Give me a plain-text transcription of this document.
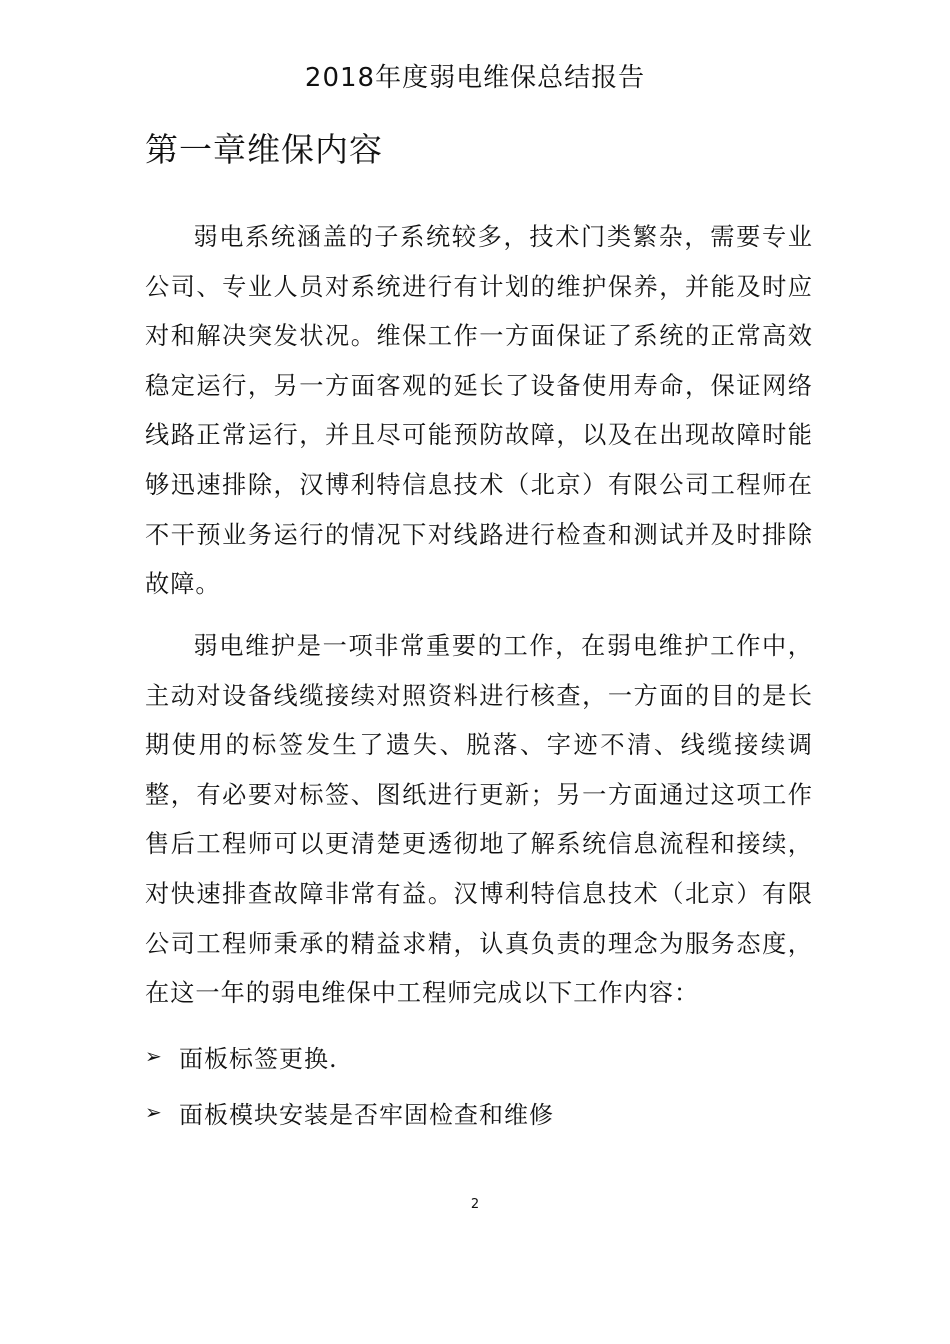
2018年度弱电维保总结报告
第一章维保内容

弱电系统涵盖的子系统较多，技术门类繁杂，需要专业公司、专业人员对系统进行有计划的维护保养，并能及时应对和解决突发状况。维保工作一方面保证了系统的正常高效稳定运行，另一方面客观的延长了设备使用寿命，保证网络线路正常运行，并且尽可能预防故障，以及在出现故障时能够迅速排除，汉博利特信息技术（北京）有限公司工程师在不干预业务运行的情况下对线路进行检查和测试并及时排除故障。

弱电维护是一项非常重要的工作，在弱电维护工作中，主动对设备线缆接续对照资料进行核查，一方面的目的是长期使用的标签发生了遗失、脱落、字迹不清、线缆接续调整，有必要对标签、图纸进行更新；另一方面通过这项工作售后工程师可以更清楚更透彻地了解系统信息流程和接续，对快速排查故障非常有益。汉博利特信息技术（北京）有限公司工程师秉承的精益求精，认真负责的理念为服务态度，在这一年的弱电维保中工程师完成以下工作内容：

➢ 面板标签更换.
➢ 面板模块安装是否牢固检查和维修
2
